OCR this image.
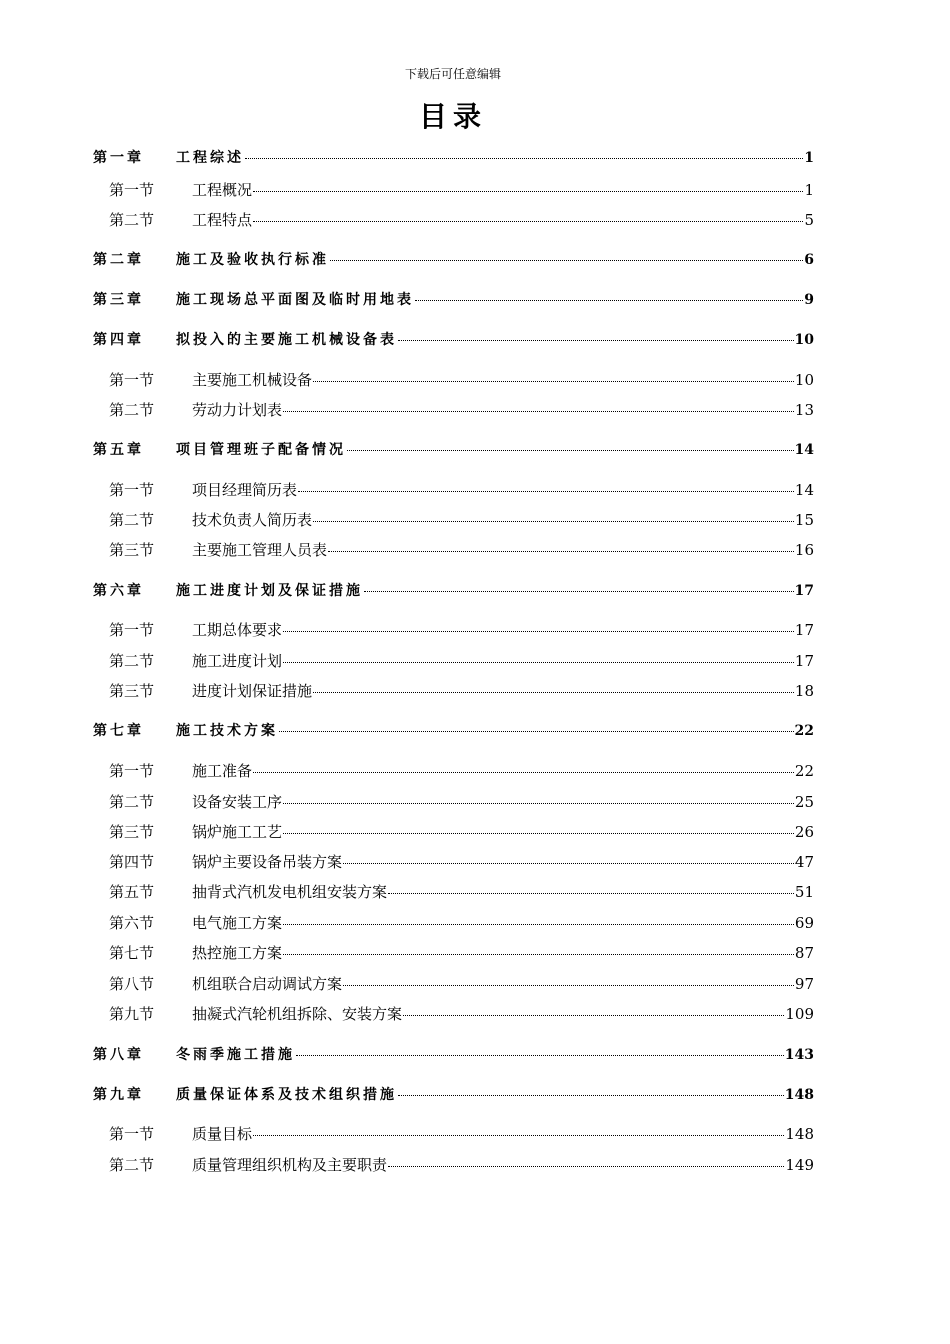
下载后可任意编辑
目录
第一章	工程综述	1
第一节	工程概况	1
第二节	工程特点	5
第二章	施工及验收执行标准	6
第三章	施工现场总平面图及临时用地表	9
第四章	拟投入的主要施工机械设备表	10
第一节	主要施工机械设备	10
第二节	劳动力计划表	13
第五章	项目管理班子配备情况	14
第一节	项目经理简历表	14
第二节	技术负责人简历表	15
第三节	主要施工管理人员表	16
第六章	施工进度计划及保证措施	17
第一节	工期总体要求	17
第二节	施工进度计划	17
第三节	进度计划保证措施	18
第七章	施工技术方案	22
第一节	施工准备	22
第二节	设备安装工序	25
第三节	锅炉施工工艺	26
第四节	锅炉主要设备吊装方案	47
第五节	抽背式汽机发电机组安装方案	51
第六节	电气施工方案	69
第七节	热控施工方案	87
第八节	机组联合启动调试方案	97
第九节	抽凝式汽轮机组拆除、安装方案	109
第八章	冬雨季施工措施	143
第九章	质量保证体系及技术组织措施	148
第一节	质量目标	148
第二节	质量管理组织机构及主要职责	149
